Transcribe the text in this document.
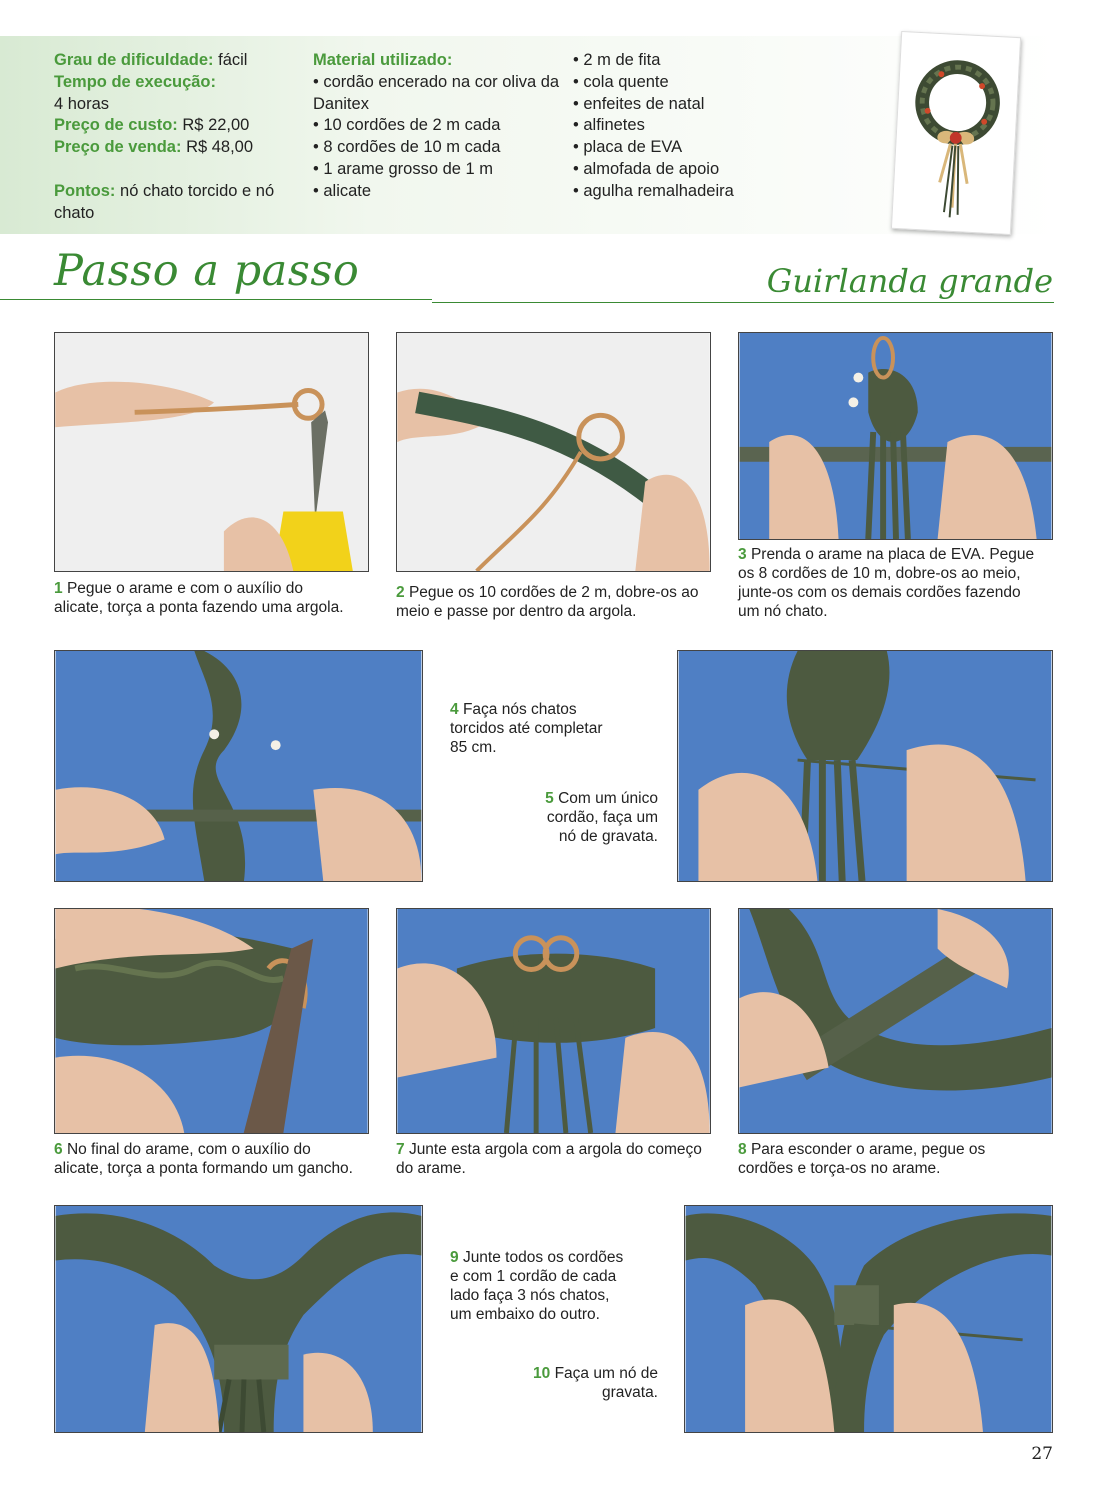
Grau de dificuldade: fácil
Tempo de execução:
4 horas
Preço de custo: R$ 22,00
Preço de venda: R$ 48,00
Pontos: nó chato torcido e nó chato
Material utilizado:
• cordão encerado na cor oliva da Danitex
• 10 cordões de 2 m cada
• 8 cordões de 10 m cada
• 1 arame grosso de 1 m
• alicate
• 2 m de fita
• cola quente
• enfeites de natal
• alfinetes
• placa de EVA
• almofada de apoio
• agulha remalhadeira
Passo a passo	Guirlanda grande
1 Pegue o arame e com o auxílio do alicate, torça a ponta fazendo uma argola.
2 Pegue os 10 cordões de 2 m, dobre-os ao meio e passe por dentro da argola.
3 Prenda o arame na placa de EVA. Pegue os 8 cordões de 10 m, dobre-os ao meio, junte-os com os demais cordões fazendo um nó chato.
4 Faça nós chatos torcidos até completar 85 cm.
5 Com um único cordão, faça um nó de gravata.
6 No final do arame, com o auxílio do alicate, torça a ponta formando um gancho.
7 Junte esta argola com a argola do começo do arame.
8 Para esconder o arame, pegue os cordões e torça-os no arame.
9 Junte todos os cordões e com 1 cordão de cada lado faça 3 nós chatos, um embaixo do outro.
10 Faça um nó de gravata.
27
